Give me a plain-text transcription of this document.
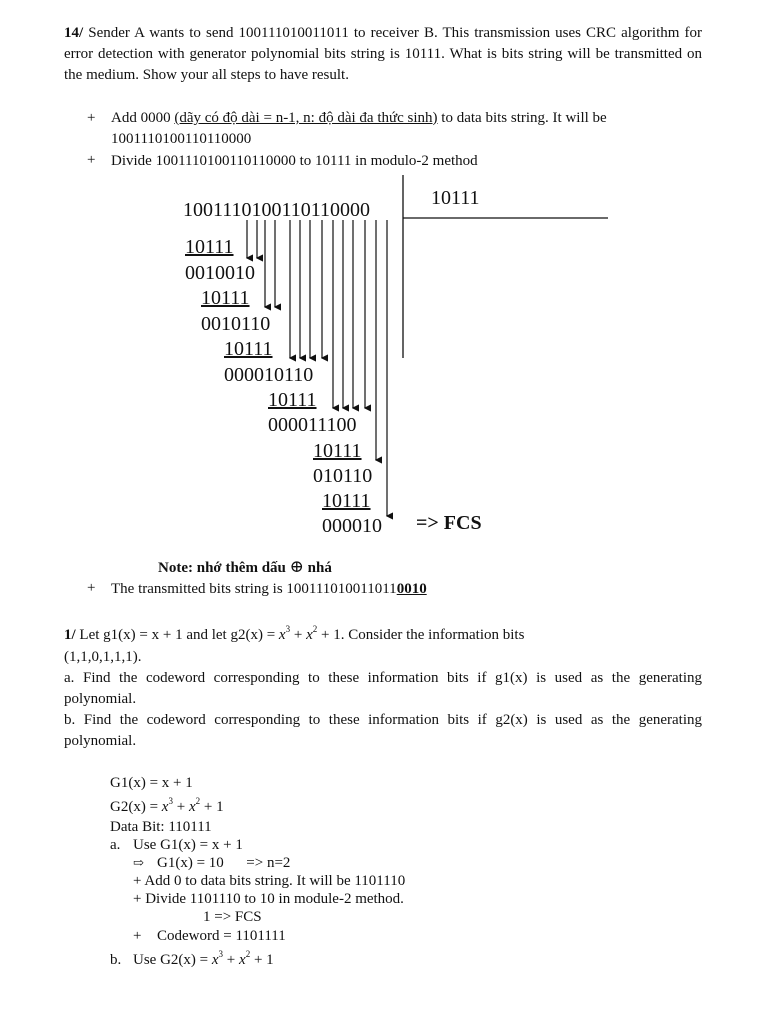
14/ Sender A wants to send 100111010011011 to receiver B. This transmission uses CRC algorithm for error detection with generator polynomial bits string is 10111. What is bits string will be transmitted on the medium. Show your all steps to have result.
+ Add 0000 (dãy có độ dài = n-1, n: độ dài đa thức sinh) to data bits string. It will be
1001110100110110000
+ Divide 1001110100110110000 to 10111 in modulo-2 method
1001110100110110000
10111
10111
0010010
10111
0010110
10111
000010110
10111
000011100
10111
010110
10111
000010 => FCS
Note: nhớ thêm dấu ⊕ nhá
+ The transmitted bits string is 1001110100110110010
1/ Let g1(x) = x + 1 and let $g2(x) = x^3 + x^2 + 1$. Consider the information bits
(1,1,0,1,1,1).
a. Find the codeword corresponding to these information bits if g1(x) is used as the generating polynomial.
b. Find the codeword corresponding to these information bits if g2(x) is used as the generating polynomial.
G1(x) = x + 1
$G2(x) = x^3 + x^2 + 1$
Data Bit: 110111
a. Use G1(x) = x + 1
⇨ G1(x) = 10      => n=2
+ Add 0 to data bits string. It will be 1101110
+ Divide 1101110 to 10 in module-2 method.
1 => FCS
+ Codeword = 1101111
b. Use $G2(x) = x^3 + x^2 + 1$
